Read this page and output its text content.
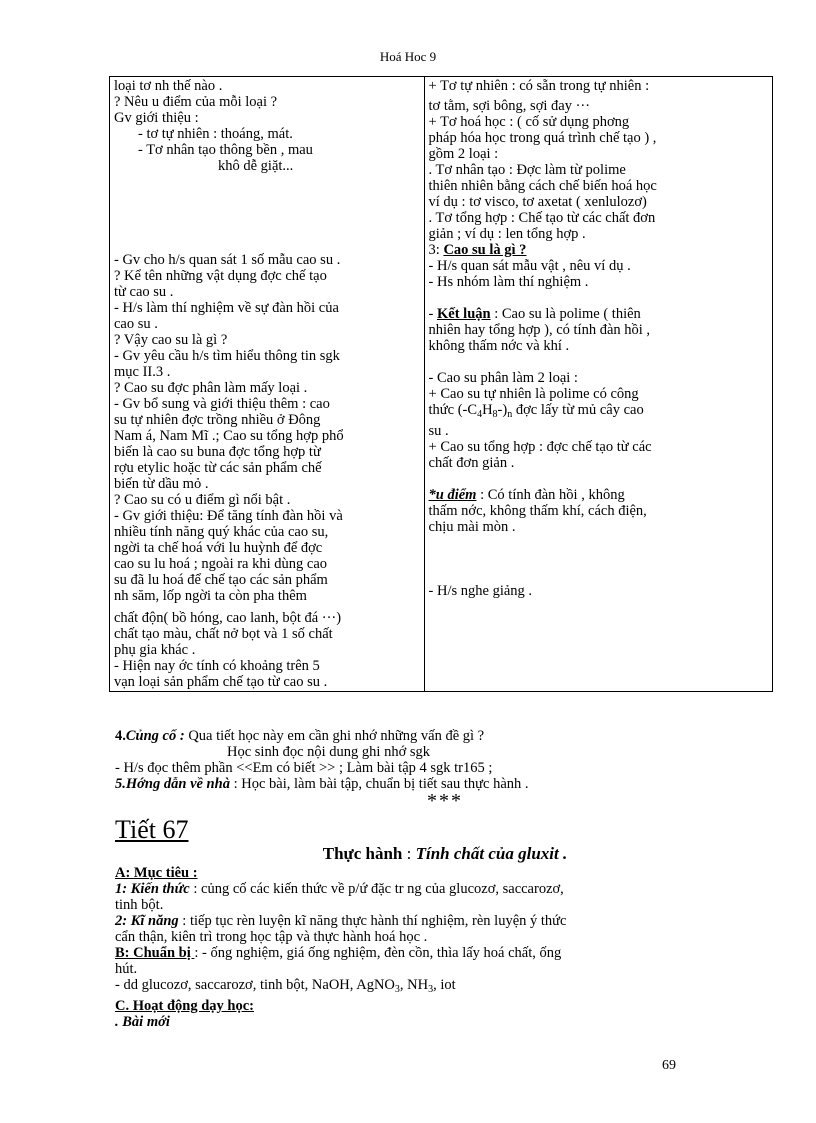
Hoá Hoc 9
loại tơ nh thế nào .
? Nêu u điểm của mỗi loại ?
Gv giới thiệu :
- tơ tự nhiên : thoáng, mát.
- Tơ nhân tạo thông bền , mau
khô dễ giặt...
- Gv cho h/s quan sát 1 số mẫu cao su .
? Kể tên những vật dụng đợc chế tạo
từ cao su .
- H/s làm thí nghiệm về sự đàn hồi của
cao su .
? Vậy cao su là gì ?
- Gv yêu cầu h/s tìm hiểu thông tin sgk
mục II.3 .
? Cao su đợc phân làm mấy loại .
- Gv bổ sung và giới thiệu thêm : cao
su tự nhiên đợc trồng nhiều ở Đông
Nam á, Nam Mĩ .; Cao su tổng hợp phổ
biến là cao su buna đợc tổng hợp từ
rợu etylic hoặc từ các sản phẩm chế
biến từ dầu mỏ .
? Cao su có u điểm gì nổi bật .
- Gv giới thiệu: Để tăng tính đàn hồi và
nhiều tính năng quý khác của cao su,
ngời ta chế hoá với lu huỳnh để đợc
cao su lu hoá ; ngoài ra khi dùng cao
su đã lu hoá để chế tạo các sản phẩm
nh săm, lốp ngời ta còn pha thêm
chất độn( bồ hóng, cao lanh, bột đá ···)
chất tạo màu, chất nở bọt và 1 số chất
phụ gia khác .
- Hiện nay ớc tính có khoảng trên 5
vạn loại sản phẩm chế tạo từ cao su .

+ Tơ tự nhiên : có sẵn trong tự nhiên :
tơ tằm, sợi bông, sợi đay ···
+ Tơ hoá học : ( cố sử dụng phơng
pháp hóa học trong quá trình chế tạo ) ,
gồm 2 loại :
. Tơ nhân tạo : Đợc làm từ polime
thiên nhiên bằng cách chế biến hoá học
ví dụ : tơ visco, tơ axetat ( xenlulozơ)
. Tơ tổng hợp : Chế tạo từ các chất đơn
giản ; ví dụ : len tổng hợp .
3: Cao su là gì ?
- H/s quan sát mẫu vật , nêu ví dụ .
- Hs nhóm làm thí nghiệm .
- Kết luận : Cao su là polime ( thiên
nhiên hay tổng hợp ), có tính đàn hồi ,
không thấm nớc và khí .
- Cao su phân làm 2 loại :
+ Cao su tự nhiên là polime có công
thức $(-C_4H_8-)_n$ đợc lấy từ mủ cây cao
su .
+ Cao su tổng hợp : đợc chế tạo từ các
chất đơn giản .
*u điểm : Có tính đàn hồi , không
thấm nớc, không thấm khí, cách điện,
chịu mài mòn .
- H/s nghe giảng .
4.Củng cố : Qua tiết học này em cần ghi nhớ những vấn đề gì ?
Học sinh đọc nội dung ghi nhớ sgk
- H/s đọc thêm phần <<Em có biết >> ; Làm bài tập 4 sgk tr165 ;
5.Hớng dẫn về nhà : Học bài, làm bài tập, chuẩn bị tiết sau thực hành .
***
Tiết 67
Thực hành : Tính chất của gluxit .
A: Mục tiêu :
1: Kiến thức : củng cố các kiến thức về p/ứ đặc tr ng của glucozơ, saccarozơ,
tinh bột.
2: Kĩ năng : tiếp tục rèn luyện kĩ năng thực hành thí nghiệm, rèn luyện ý thức
cẩn thận, kiên trì trong học tập và thực hành hoá học .
B: Chuẩn bị : - ống nghiệm, giá ống nghiệm, đèn cồn, thìa lấy hoá chất, ống
hút.
- dd glucozơ, saccarozơ, tinh bột, NaOH, AgNO$_3$, $NH_3$, iot
C. Hoạt động dạy học:
. Bài mới
69
